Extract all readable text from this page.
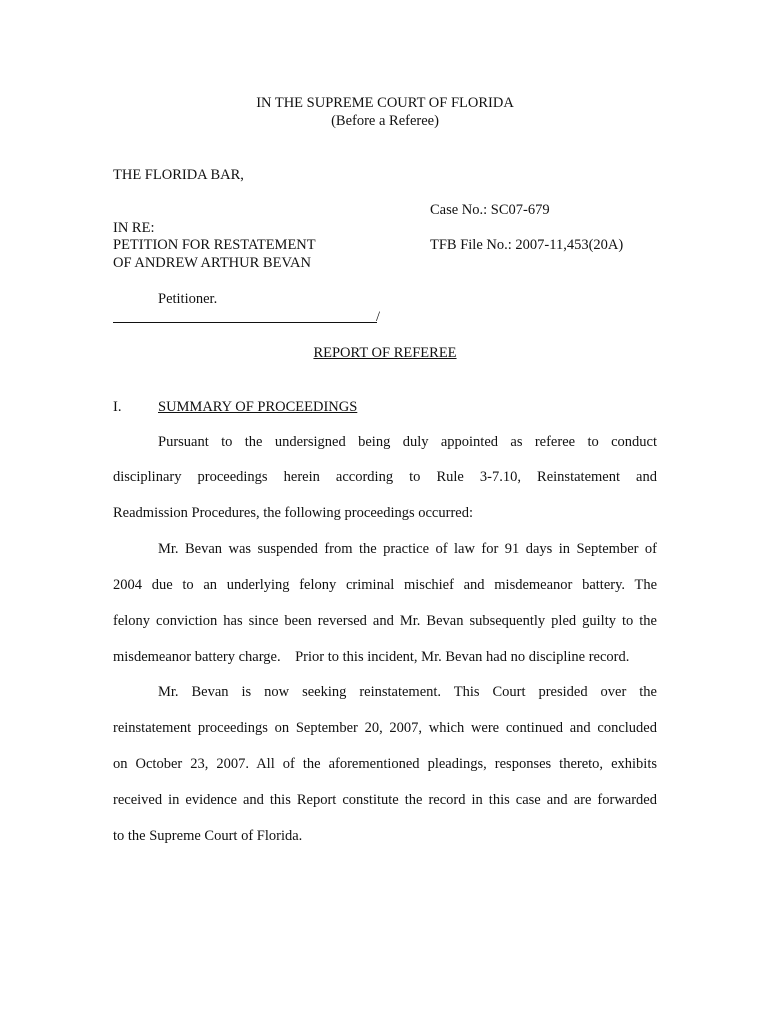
IN THE SUPREME COURT OF FLORIDA
(Before a Referee)
THE FLORIDA BAR,
Case No.: SC07-679
IN RE:
PETITION FOR RESTATEMENT	TFB File No.: 2007-11,453(20A)
OF ANDREW ARTHUR BEVAN
Petitioner.
/
REPORT OF REFEREE
I.	SUMMARY OF PROCEEDINGS
Pursuant to the undersigned being duly appointed as referee to conduct
disciplinary proceedings herein according to Rule 3-7.10, Reinstatement and
Readmission Procedures, the following proceedings occurred:
Mr. Bevan was suspended from the practice of law for 91 days in September of
2004 due to an underlying felony criminal mischief and misdemeanor battery. The
felony conviction has since been reversed and Mr. Bevan subsequently pled guilty to the
misdemeanor battery charge.    Prior to this incident, Mr. Bevan had no discipline record.
Mr. Bevan is now seeking reinstatement. This Court presided over the
reinstatement proceedings on September 20, 2007, which were continued and concluded
on October 23, 2007. All of the aforementioned pleadings, responses thereto, exhibits
received in evidence and this Report constitute the record in this case and are forwarded
to the Supreme Court of Florida.
